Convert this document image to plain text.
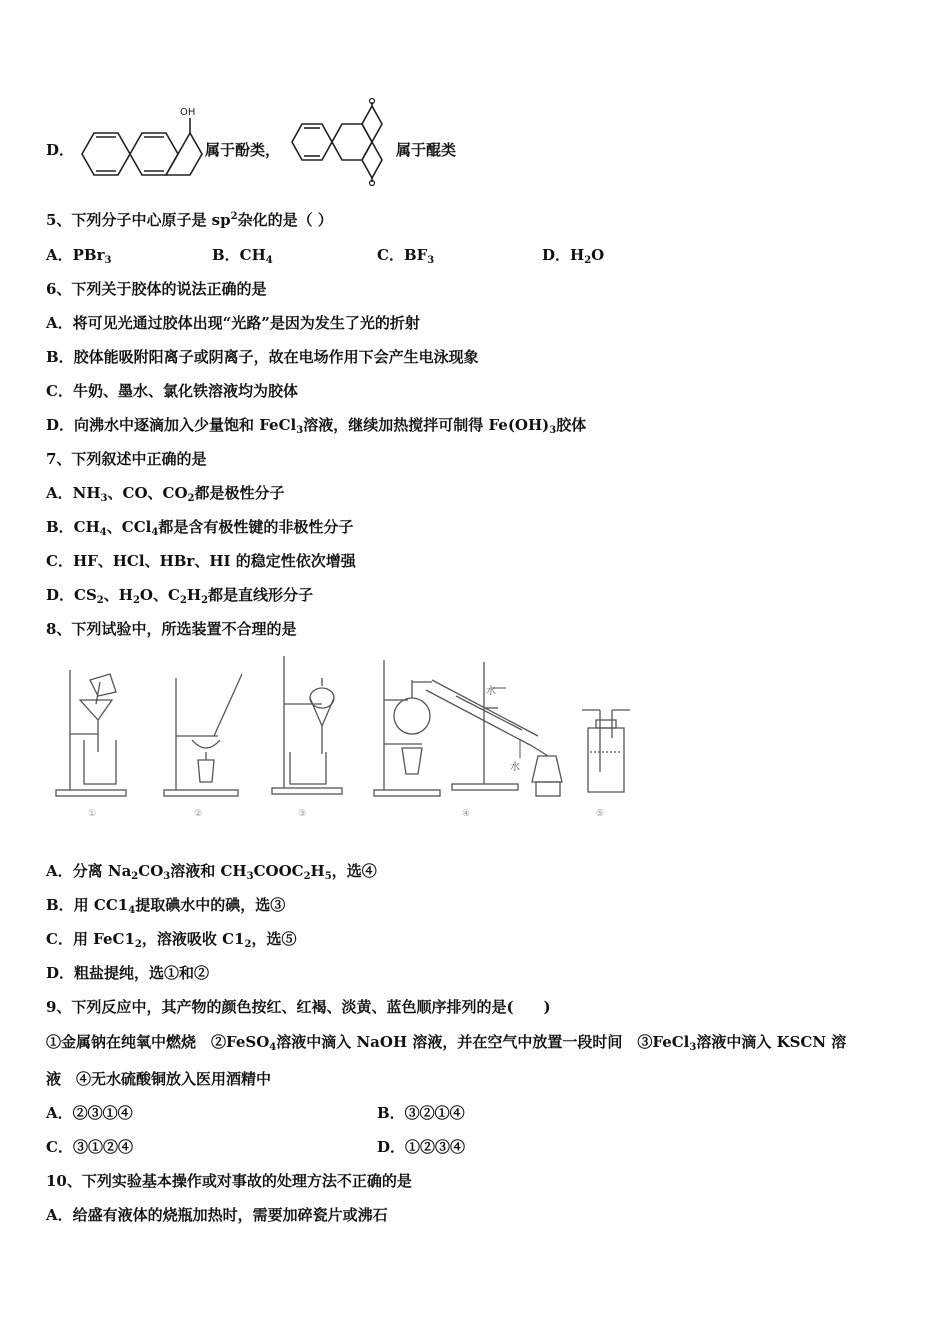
D．
OH
属于酚类，	属于醌类
5、下列分子中心原子是 $sp^2$杂化的是（ ）
A．PBr$_3$	B．$CH_4$	C．$BF_3$	D．$H_2O$
6、下列关于胶体的说法正确的是
A．将可见光通过胶体出现“光路”是因为发生了光的折射
B．胶体能吸附阳离子或阴离子，故在电场作用下会产生电泳现象
C．牛奶、墨水、氯化铁溶液均为胶体
D．向沸水中逐滴加入少量饱和 FeCl$_3$溶液，继续加热搅拌可制得 $Fe(OH)_3$胶体
7、下列叙述中正确的是
A．$NH_3$、CO、$CO_2$都是极性分子
B．$CH_4$、CCl$_4$都是含有极性键的非极性分子
C．HF、HCl、HBr、HI 的稳定性依次增强
D．$CS_2$、$H_2O$、$C_2H_2$都是直线形分子
8、下列试验中，所选装置不合理的是
水
水
①	②	③	④	⑤
A．分离 $Na_2CO_3$溶液和 $CH_3COOC_2H_5$，选④
B．用 $CC1_4$提取碘水中的碘，选③
C．用 $FeC1_2$，溶液吸收 $C1_2$，选⑤
D．粗盐提纯，选①和②
9、下列反应中，其产物的颜色按红、红褐、淡黄、蓝色顺序排列的是(　　)
①金属钠在纯氧中燃烧　②FeSO$_4$溶液中滴入 NaOH 溶液，并在空气中放置一段时间　③FeCl$_3$溶液中滴入 KSCN 溶
液　④无水硫酸铜放入医用酒精中
A．②③①④	B．③②①④
C．③①②④	D．①②③④
10、下列实验基本操作或对事故的处理方法不正确的是
A．给盛有液体的烧瓶加热时，需要加碎瓷片或沸石
